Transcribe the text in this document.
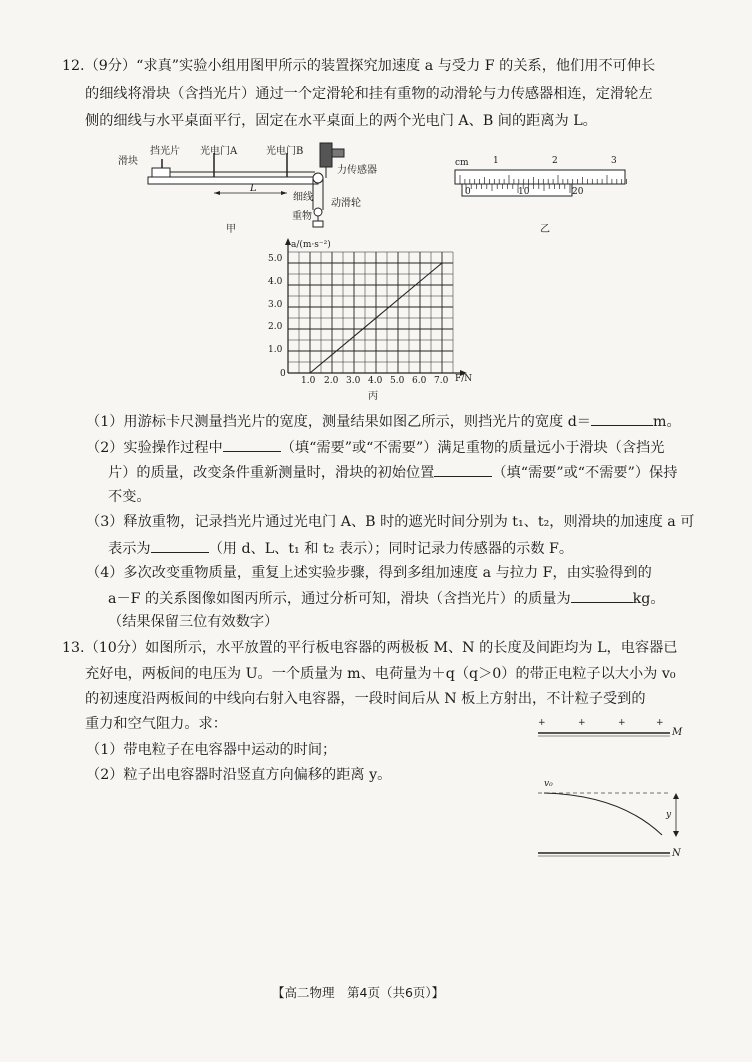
12.（9分）“求真”实验小组用图甲所示的装置探究加速度 a 与受力 F 的关系，他们用不可伸长
的细线将滑块（含挡光片）通过一个定滑轮和挂有重物的动滑轮与力传感器相连，定滑轮左
侧的细线与水平桌面平行，固定在水平桌面上的两个光电门 A、B 间的距离为 L。
滑块
挡光片 光电门A	光电门B
力传感器
细线
动滑轮
重物
L
甲
cm	1	2	3
0	10	20
乙
a/(m·s⁻²)
F/N
0
5.0
4.0
3.0
2.0
1.0
1.0 2.0 3.0 4.0 5.0 6.0 7.0
丙
（1）用游标卡尺测量挡光片的宽度，测量结果如图乙所示，则挡光片的宽度 d＝	m。
（2）实验操作过程中	（填“需要”或“不需要”）满足重物的质量远小于滑块（含挡光
片）的质量，改变条件重新测量时，滑块的初始位置	（填“需要”或“不需要”）保持
不变。
（3）释放重物，记录挡光片通过光电门 A、B 时的遮光时间分别为 t₁、t₂，则滑块的加速度 a 可
表示为	（用 d、L、t₁ 和 t₂ 表示）；同时记录力传感器的示数 F。
（4）多次改变重物质量，重复上述实验步骤，得到多组加速度 a 与拉力 F，由实验得到的
a－F 的关系图像如图丙所示，通过分析可知，滑块（含挡光片）的质量为	kg。
（结果保留三位有效数字）
13.（10分）如图所示，水平放置的平行板电容器的两极板 M、N 的长度及间距均为 L，电容器已
充好电，两板间的电压为 U。一个质量为 m、电荷量为＋q（q＞0）的带正电粒子以大小为 v₀
的初速度沿两板间的中线向右射入电容器，一段时间后从 N 板上方射出，不计粒子受到的
重力和空气阻力。求：
（1）带电粒子在电容器中运动的时间；
（2）粒子出电容器时沿竖直方向偏移的距离 y。
+	+	+	+
M
N
v₀
y
【高二物理　第4页（共6页）】
